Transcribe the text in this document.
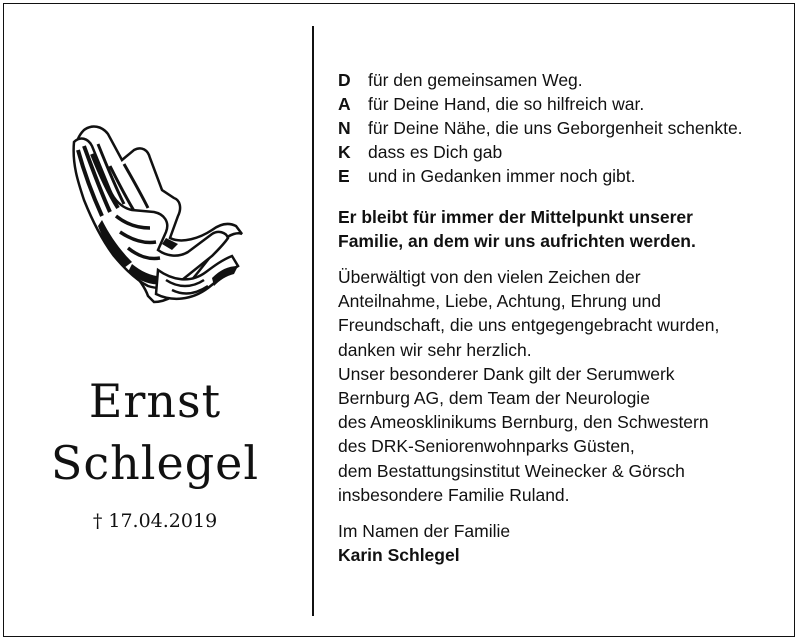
Ernst
Schlegel
† 17.04.2019
D für den gemeinsamen Weg.
A für Deine Hand, die so hilfreich war.
N für Deine Nähe, die uns Geborgenheit schenkte.
K dass es Dich gab
E	und in Gedanken immer noch gibt.
Er bleibt für immer der Mittelpunkt unserer
Familie, an dem wir uns aufrichten werden.
Überwältigt von den vielen Zeichen der
Anteilnahme, Liebe, Achtung, Ehrung und
Freundschaft, die uns entgegengebracht wurden,
danken wir sehr herzlich.
Unser besonderer Dank gilt der Serumwerk
Bernburg AG, dem Team der Neurologie
des Ameosklinikums Bernburg, den Schwestern
des DRK-Seniorenwohnparks Güsten,
dem Bestattungsinstitut Weinecker & Görsch
insbesondere Familie Ruland.
Im Namen der Familie
Karin Schlegel
